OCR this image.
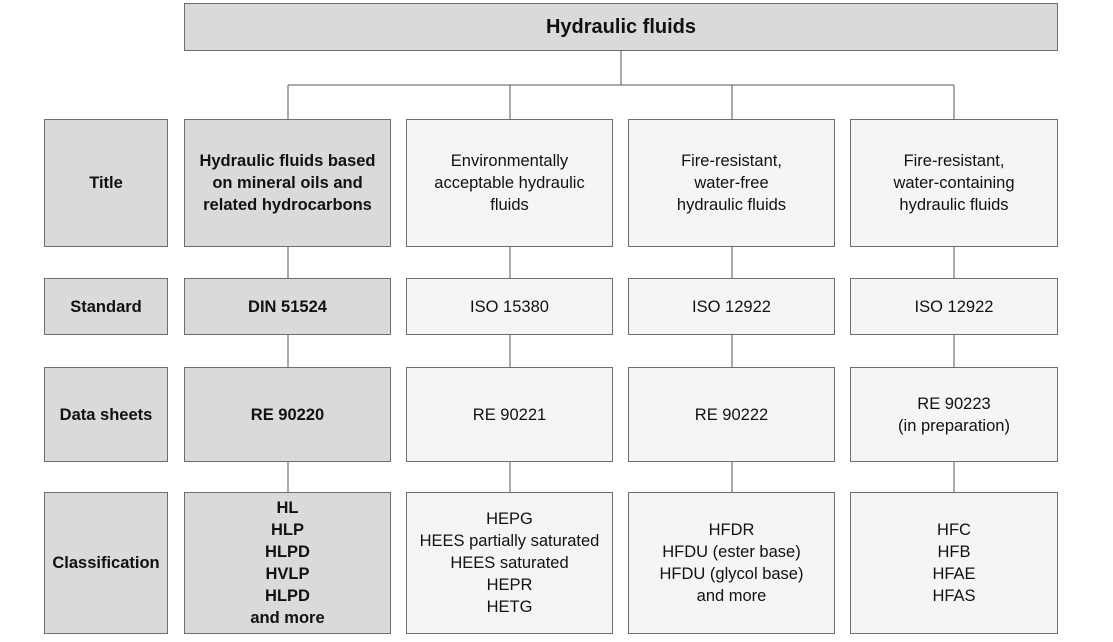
Hydraulic fluids
Title
Standard
Data sheets
Classification
Hydraulic fluids based
on mineral oils and
related hydrocarbons
DIN 51524
RE 90220
HL
HLP
HLPD
HVLP
HLPD
and more
Environmentally
acceptable hydraulic
fluids
ISO 15380
RE 90221
HEPG
HEES partially saturated
HEES saturated
HEPR
HETG
Fire-resistant,
water-free
hydraulic fluids
ISO 12922
RE 90222
HFDR
HFDU (ester base)
HFDU (glycol base)
and more
Fire-resistant,
water-containing
hydraulic fluids
ISO 12922
RE 90223
(in preparation)
HFC
HFB
HFAE
HFAS
